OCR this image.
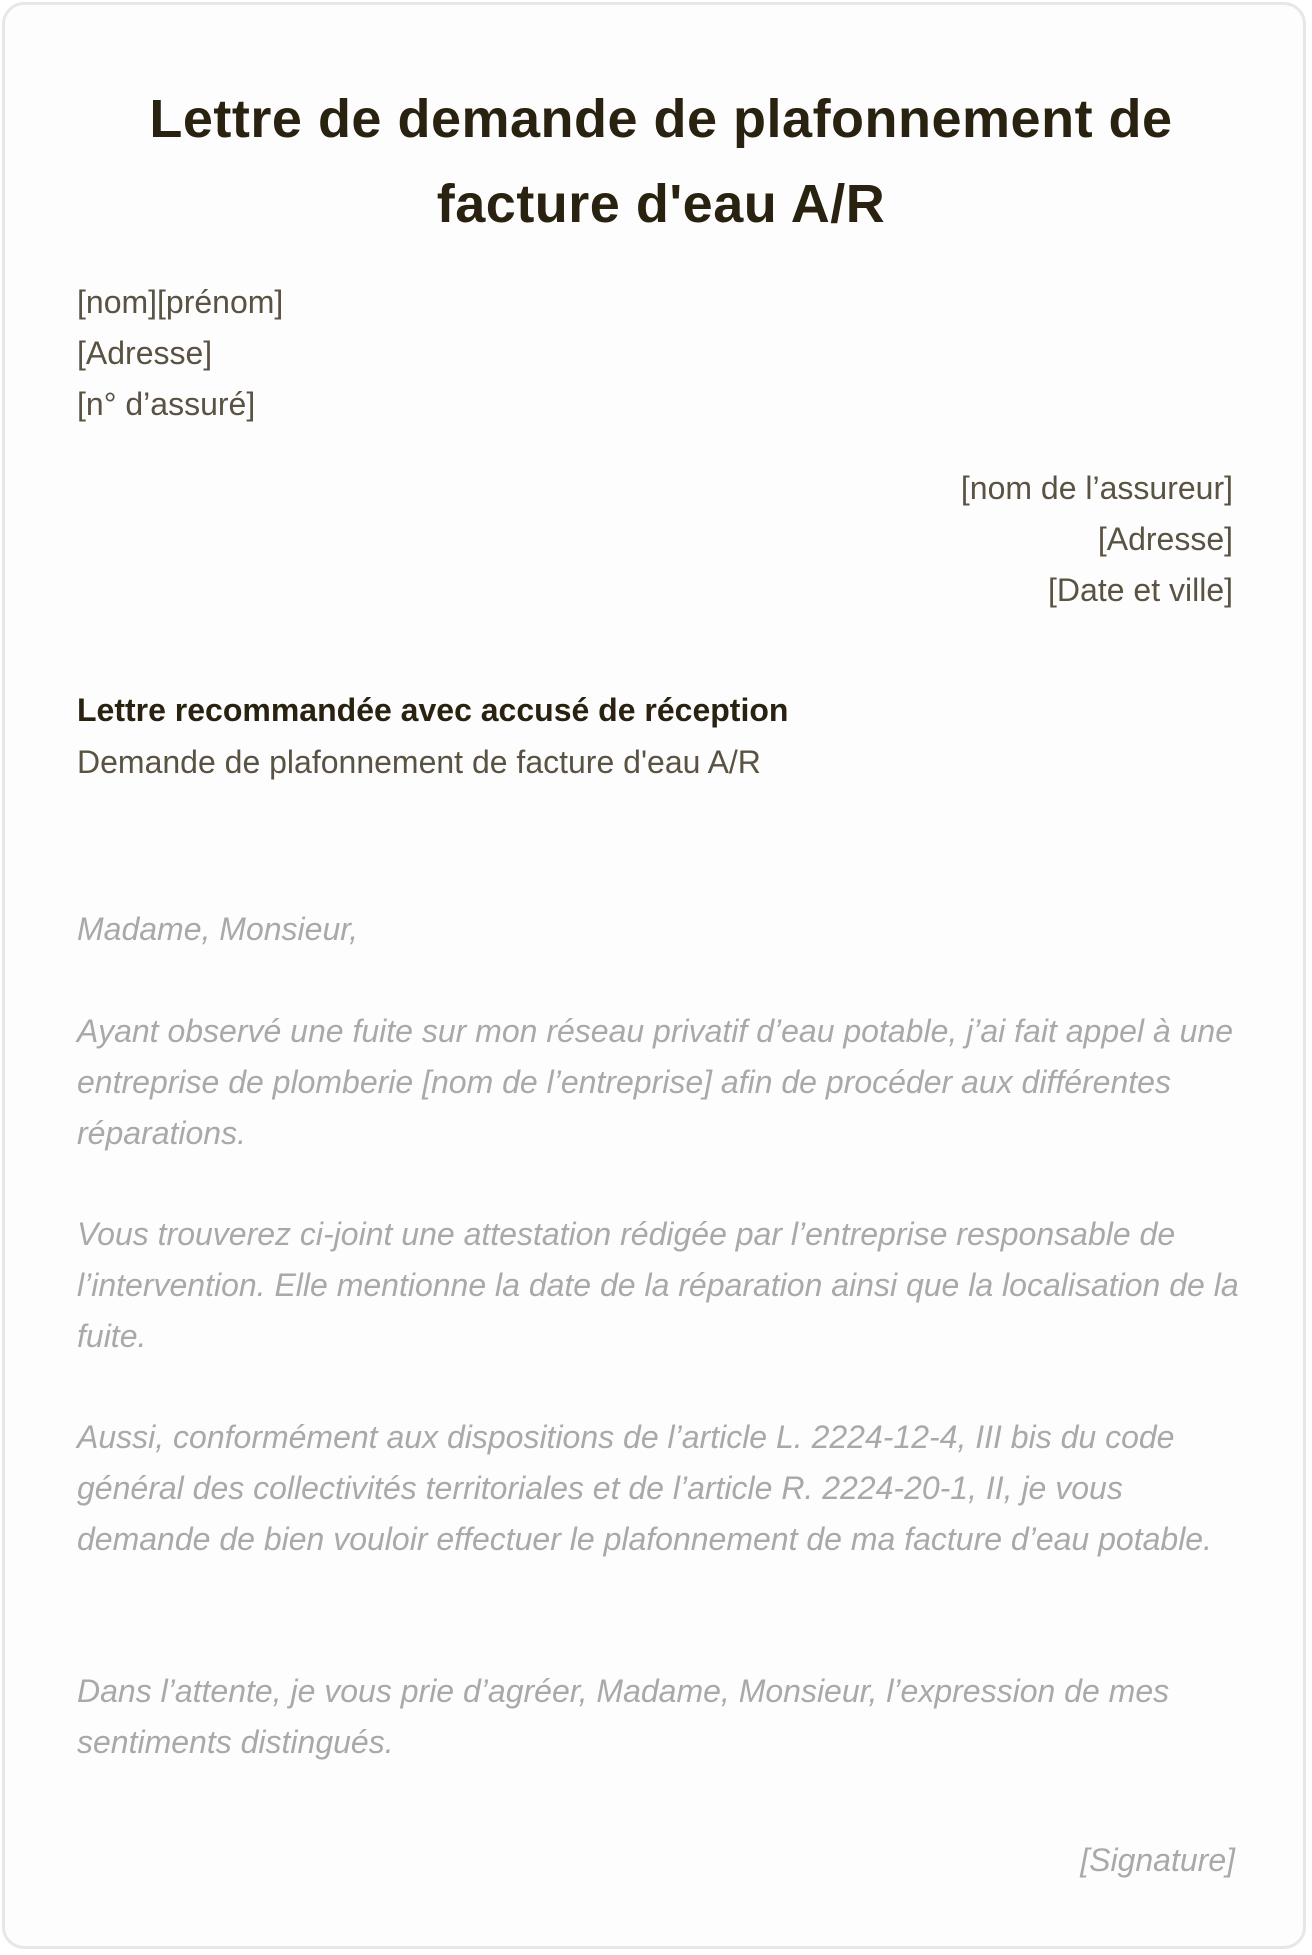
Lettre de demande de plafonnement de
facture d'eau A/R
[nom][prénom]
[Adresse]
[n° d’assuré]
[nom de l’assureur]
[Adresse]
[Date et ville]
Lettre recommandée avec accusé de réception
Demande de plafonnement de facture d'eau A/R

Madame, Monsieur,

Ayant observé une fuite sur mon réseau privatif d’eau potable, j’ai fait appel à une entreprise de plomberie [nom de l’entreprise] afin de procéder aux différentes réparations.

Vous trouverez ci-joint une attestation rédigée par l’entreprise responsable de l’intervention. Elle mentionne la date de la réparation ainsi que la localisation de la fuite.

Aussi, conformément aux dispositions de l’article L. 2224-12-4, III bis du code général des collectivités territoriales et de l’article R. 2224-20-1, II, je vous demande de bien vouloir effectuer le plafonnement de ma facture d’eau potable.

Dans l’attente, je vous prie d’agréer, Madame, Monsieur, l’expression de mes sentiments distingués.

[Signature]
